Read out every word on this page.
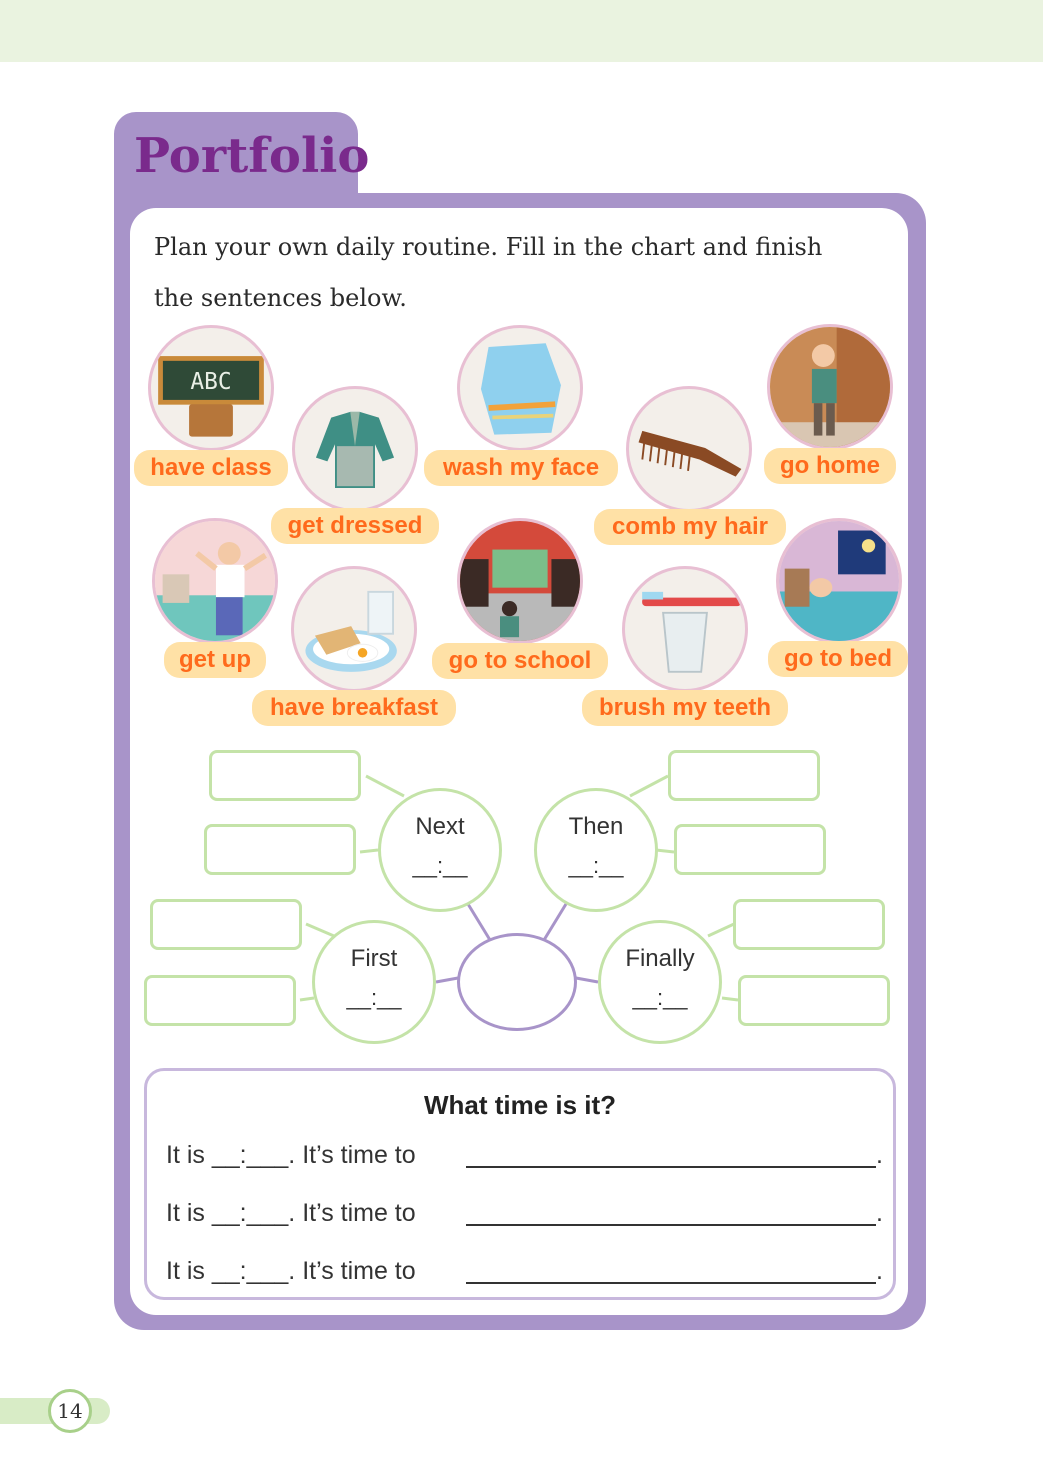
Portfolio
Plan your own daily routine. Fill in the chart and finish the sentences below.
ABC
have class
get dressed
wash my face
comb my hair
go home
get up
have breakfast
go to school
brush my teeth
go to bed
Next
__:__
Then
__:__
First
__:__
Finally
__:__
What time is it?
It is __:___. It’s time to	.
It is __:___. It’s time to	.
It is __:___. It’s time to	.
14
